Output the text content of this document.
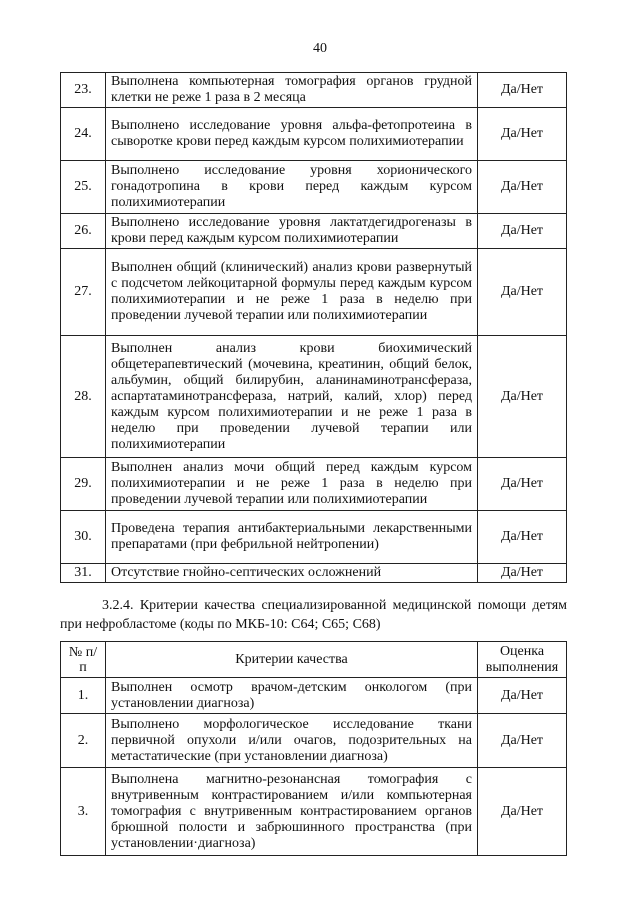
40
23.	Выполнена компьютерная томография органов грудной клетки не реже 1 раза в 2 месяца	Да/Нет
24.	Выполнено исследование уровня альфа-фетопротеина в сыворотке крови перед каждым курсом полихимиотерапии	Да/Нет
25.	Выполнено исследование уровня хорионического гонадотропина в крови перед каждым курсом полихимиотерапии	Да/Нет
26.	Выполнено исследование уровня лактатдегидрогеназы в крови перед каждым курсом полихимиотерапии	Да/Нет
27.	Выполнен общий (клинический) анализ крови развернутый с подсчетом лейкоцитарной формулы перед каждым курсом полихимиотерапии и не реже 1 раза в неделю при проведении лучевой терапии или полихимиотерапии	Да/Нет
28.	Выполнен анализ крови биохимический общетерапевтический (мочевина, креатинин, общий белок, альбумин, общий билирубин, аланинаминотрансфераза, аспартатаминотрансфераза, натрий, калий, хлор) перед каждым курсом полихимиотерапии и не реже 1 раза в неделю при проведении лучевой терапии или полихимиотерапии	Да/Нет
29.	Выполнен анализ мочи общий перед каждым курсом полихимиотерапии и не реже 1 раза в неделю при проведении лучевой терапии или полихимиотерапии	Да/Нет
30.	Проведена терапия антибактериальными лекарственными препаратами (при фебрильной нейтропении)	Да/Нет
31.	Отсутствие гнойно-септических осложнений	Да/Нет
3.2.4. Критерии качества специализированной медицинской помощи детям при нефробластоме (коды по МКБ-10: С64; С65; С68)
№ п/п	Критерии качества	Оценка выполнения
1.	Выполнен осмотр врачом-детским онкологом (при установлении диагноза)	Да/Нет
2.	Выполнено морфологическое исследование ткани первичной опухоли и/или очагов, подозрительных на метастатические (при установлении диагноза)	Да/Нет
3.	Выполнена магнитно-резонансная томография с внутривенным контрастированием и/или компьютерная томография с внутривенным контрастированием органов брюшной полости и забрюшинного пространства (при установлении·диагноза)	Да/Нет
